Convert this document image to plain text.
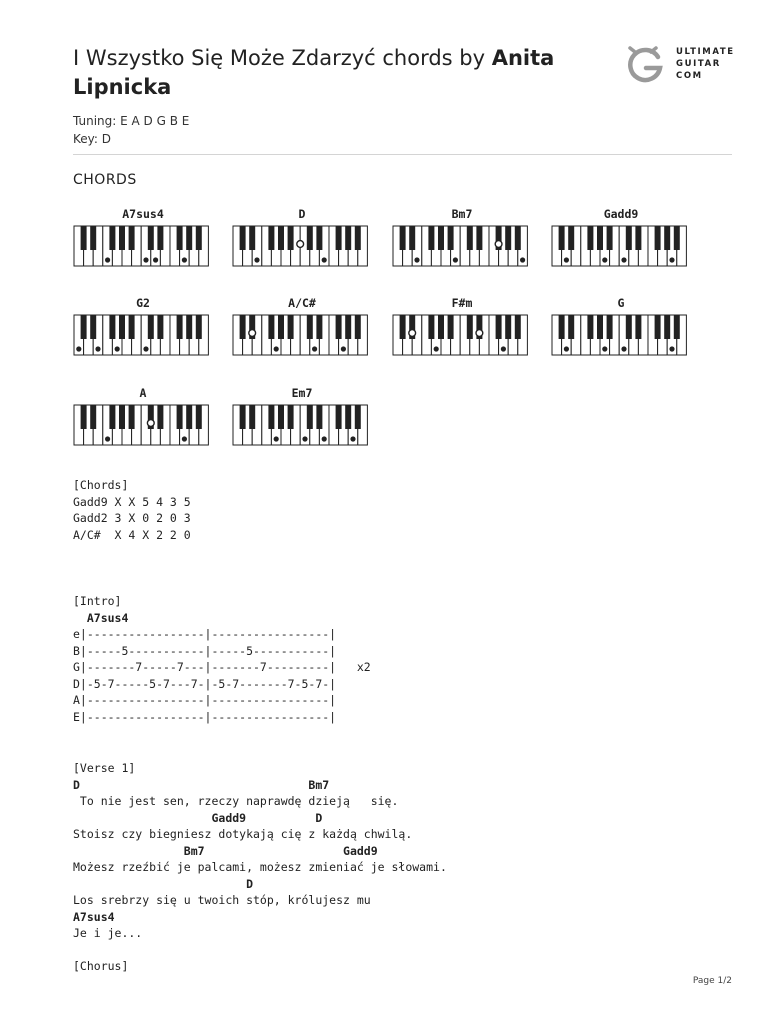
I Wszystko Się Może Zdarzyć chords by Anita Lipnicka
ULTIMATE
GUITAR
COM
Tuning: E A D G B E
Key: D
CHORDS
A7sus4	D	Bm7	Gadd9
G2	A/C#	F#m	G
A	Em7
[Chords]
Gadd9 X X 5 4 3 5
Gadd2 3 X 0 2 0 3
A/C#  X 4 X 2 2 0
[Intro]
A7sus4
e|-----------------|-----------------|
B|-----5-----------|-----5-----------|
G|-------7-----7---|-------7---------|   x2
D|-5-7-----5-7---7-|-5-7-------7-5-7-|
A|-----------------|-----------------|
E|-----------------|-----------------|
[Verse 1]
D                                 Bm7
To nie jest sen, rzeczy naprawdę dzieją   się.
Gadd9          D
Stoisz czy biegniesz dotykają cię z każdą chwilą.
Bm7                    Gadd9
Możesz rzeźbić je palcami, możesz zmieniać je słowami.
D
Los srebrzy się u twoich stóp, królujesz mu
A7sus4
Je i je...

[Chorus]
Page 1/2
